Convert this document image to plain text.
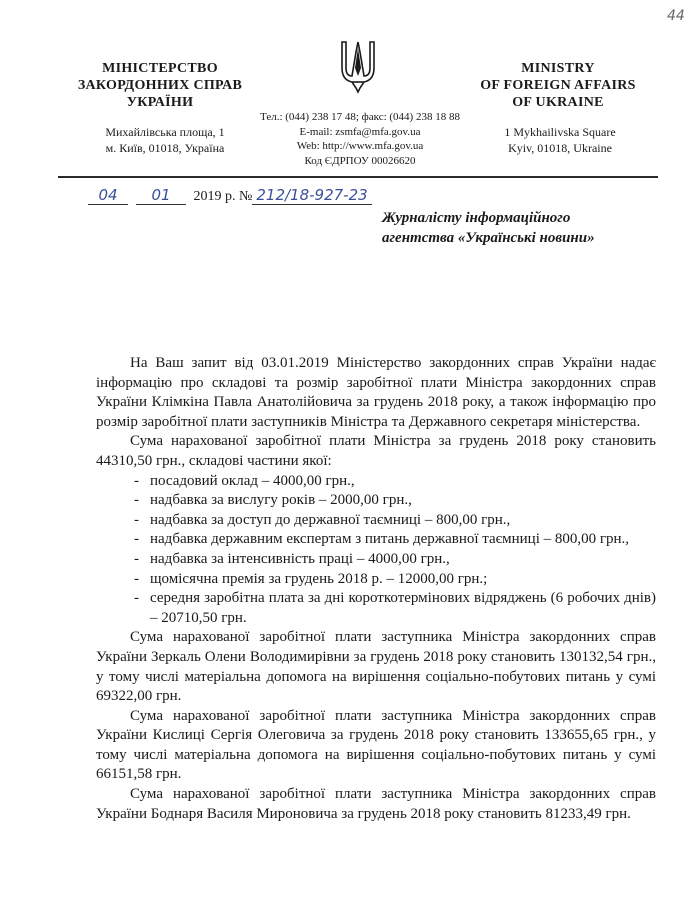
44
МІНІСТЕРСТВО
ЗАКОРДОННИХ СПРАВ
УКРАЇНИ
MINISTRY
OF FOREIGN AFFAIRS
OF UKRAINE
Михайлівська площа, 1
м. Київ, 01018, Україна
Тел.: (044) 238 17 48; факс: (044) 238 18 88
E-mail: zsmfa@mfa.gov.ua
Web: http://www.mfa.gov.ua
Код ЄДРПОУ 00026620
1 Mykhailivska Square
Kyiv, 01018, Ukraine
04 01 2019 р. № 212/18-927-23
Журналісту інформаційного
агентства «Українські новини»

На Ваш запит від 03.01.2019 Міністерство закордонних справ України надає інформацію про складові та розмір заробітної плати Міністра закордонних справ України Клімкіна Павла Анатолійовича за грудень 2018 року, а також інформацію про розмір заробітної плати заступників Міністра та Державного секретаря міністерства.

Сума нарахованої заробітної плати Міністра за грудень 2018 року становить 44310,50 грн., складові частини якої:

- посадовий оклад – 4000,00 грн.,
- надбавка за вислугу років – 2000,00 грн.,
- надбавка за доступ до державної таємниці – 800,00 грн.,
- надбавка державним експертам з питань державної таємниці – 800,00 грн.,
- надбавка за інтенсивність праці – 4000,00 грн.,
- щомісячна премія за грудень 2018 р. – 12000,00 грн.;
- середня заробітна плата за дні короткотермінових відряджень (6 робочих днів) – 20710,50 грн.

Сума нарахованої заробітної плати заступника Міністра закордонних справ України Зеркаль Олени Володимирівни за грудень 2018 року становить 130132,54 грн., у тому числі матеріальна допомога на вирішення соціально-побутових питань у сумі 69322,00 грн.

Сума нарахованої заробітної плати заступника Міністра закордонних справ України Кислиці Сергія Олеговича за грудень 2018 року становить 133655,65 грн., у тому числі матеріальна допомога на вирішення соціально-побутових питань у сумі 66151,58 грн.

Сума нарахованої заробітної плати заступника Міністра закордонних справ України Боднаря Василя Мироновича за грудень 2018 року становить 81233,49 грн.
